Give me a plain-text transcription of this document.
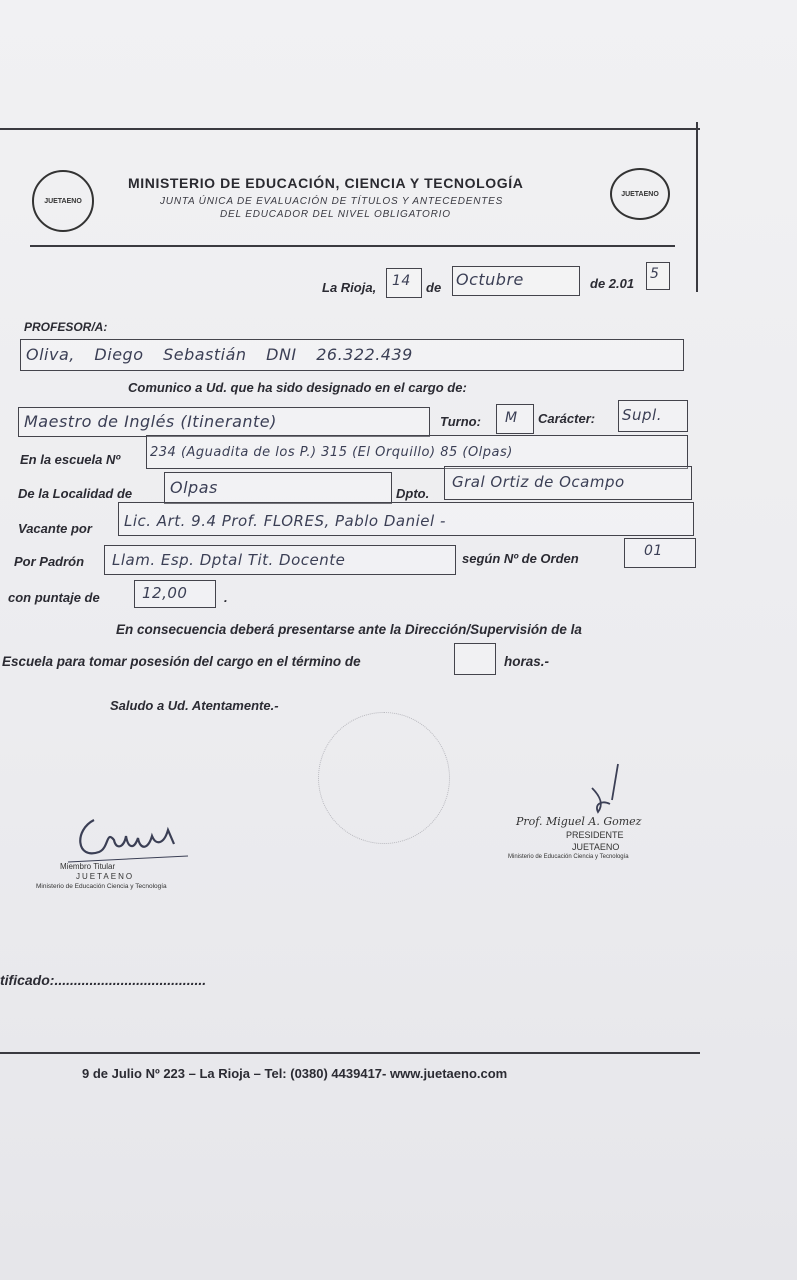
JUETAENO
JUETAENO
MINISTERIO DE EDUCACIÓN, CIENCIA Y TECNOLOGÍA
JUNTA ÚNICA DE EVALUACIÓN DE TÍTULOS Y ANTECEDENTES
DEL EDUCADOR DEL NIVEL OBLIGATORIO
La Rioja, 14 de Octubre	de 2.01
5
PROFESOR/A:
Oliva, Diego Sebastián DNI 26.322.439
Comunico a Ud. que ha sido designado en el cargo de:
Maestro de Inglés (Itinerante)	Turno: M Carácter: Supl.
En la escuela Nº 234 (Aguadita de los P.) 315 (El Orquillo) 85 (Olpas)
De la Localidad de Olpas	Dpto.
Gral Ortiz de Ocampo
Vacante por Lic. Art. 9.4 Prof. FLORES, Pablo Daniel -
Por Padrón Llam. Esp. Dptal Tit. Docente	según Nº de Orden	01
con puntaje de	12,00	.
En consecuencia deberá presentarse ante la Dirección/Supervisión de la
Escuela para tomar posesión del cargo en el término de	horas.-
Saludo a Ud. Atentamente.-
Miembro Titular
JUETAENO
Ministerio de Educación Ciencia y Tecnología
Prof. Miguel A. Gomez
PRESIDENTE
JUETAENO
Ministerio de Educación Ciencia y Tecnología
tificado:.......................................
9 de Julio Nº 223 – La Rioja – Tel: (0380) 4439417- www.juetaeno.com
